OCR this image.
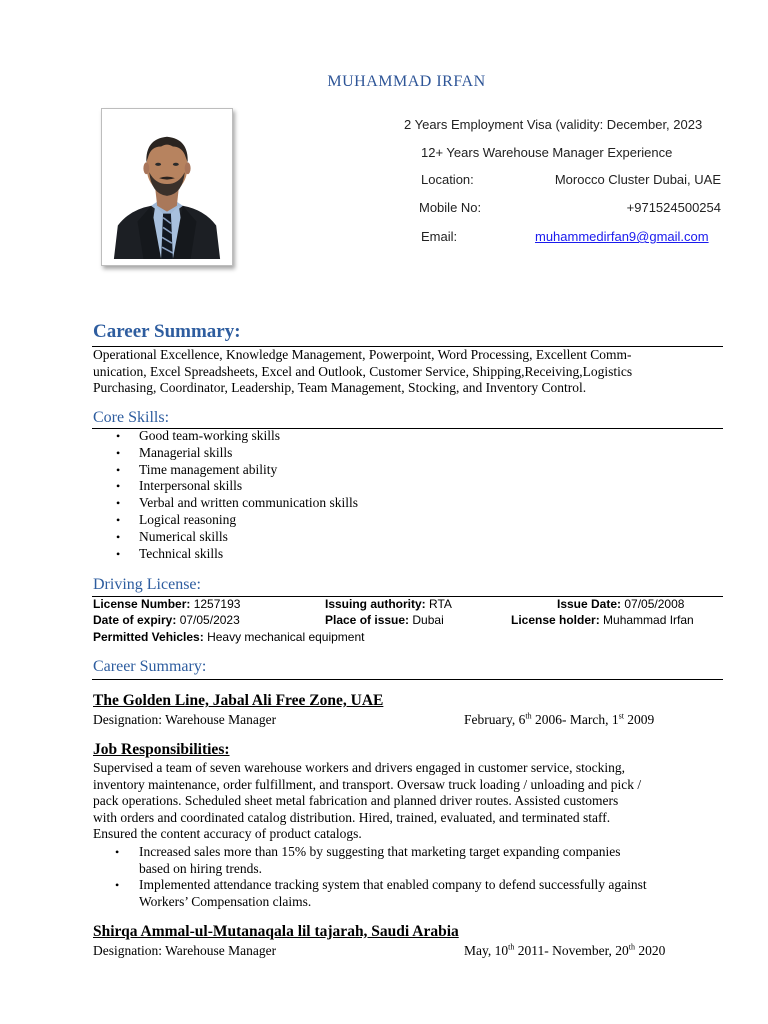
MUHAMMAD IRFAN
2 Years Employment Visa (validity: December, 2023
12+ Years Warehouse Manager Experience
Location:	Morocco Cluster Dubai, UAE
Mobile No:	+971524500254
Email:	muhammedirfan9@gmail.com
Career Summary:
Operational Excellence, Knowledge Management, Powerpoint, Word Processing, Excellent Comm-
unication, Excel Spreadsheets, Excel and Outlook, Customer Service, Shipping,Receiving,Logistics
Purchasing, Coordinator, Leadership, Team Management, Stocking, and Inventory Control.
Core Skills:
• Good team-working skills
• Managerial skills
• Time management ability
• Interpersonal skills
• Verbal and written communication skills
• Logical reasoning
• Numerical skills
• Technical skills
Driving License:
License Number: 1257193	Issuing authority: RTA	Issue Date: 07/05/2008
Date of expiry: 07/05/2023	Place of issue: Dubai	License holder: Muhammad Irfan
Permitted Vehicles: Heavy mechanical equipment
Career Summary:
The Golden Line, Jabal Ali Free Zone, UAE
Designation: Warehouse Manager	February, 6th 2006- March, 1st 2009
Job Responsibilities:
Supervised a team of seven warehouse workers and drivers engaged in customer service, stocking,
inventory maintenance, order fulfillment, and transport. Oversaw truck loading / unloading and pick /
pack operations. Scheduled sheet metal fabrication and planned driver routes. Assisted customers
with orders and coordinated catalog distribution. Hired, trained, evaluated, and terminated staff.
Ensured the content accuracy of product catalogs.
•	Increased sales more than 15% by suggesting that marketing target expanding companies
based on hiring trends.
•	Implemented attendance tracking system that enabled company to defend successfully against
Workers’ Compensation claims.
Shirqa Ammal-ul-Mutanaqala lil tajarah, Saudi Arabia
Designation: Warehouse Manager	May, 10th 2011- November, 20th 2020
